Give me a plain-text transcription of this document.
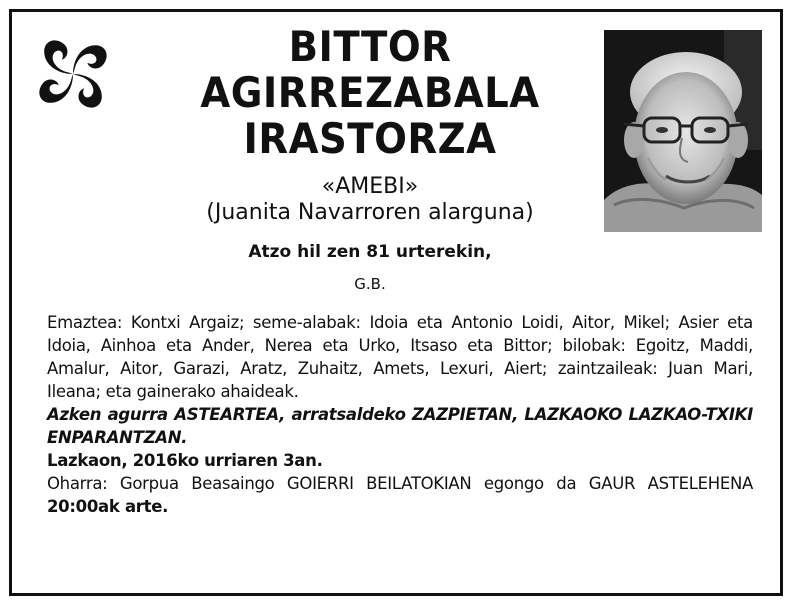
BITTOR
AGIRREZABALA
IRASTORZA
«AMEBI»
(Juanita Navarroren alarguna)
Atzo hil zen 81 urterekin,
G.B.

Emaztea: Kontxi Argaiz; seme-alabak: Idoia eta Antonio Loidi, Aitor, Mikel; Asier eta Idoia, Ainhoa eta Ander, Nerea eta Urko, Itsaso eta Bittor; bilobak: Egoitz, Maddi, Amalur, Aitor, Garazi, Aratz, Zuhaitz, Amets, Lexuri, Aiert; zaintzaileak: Juan Mari, Ileana; eta gainerako ahaideak.

Azken agurra ASTEARTEA, arratsaldeko ZAZPIETAN, LAZKAOKO LAZKAO-TXIKI ENPARANTZAN.

Lazkaon, 2016ko urriaren 3an.

Oharra: Gorpua Beasaingo GOIERRI BEILATOKIAN egongo da GAUR ASTELEHENA 20:00ak arte.
